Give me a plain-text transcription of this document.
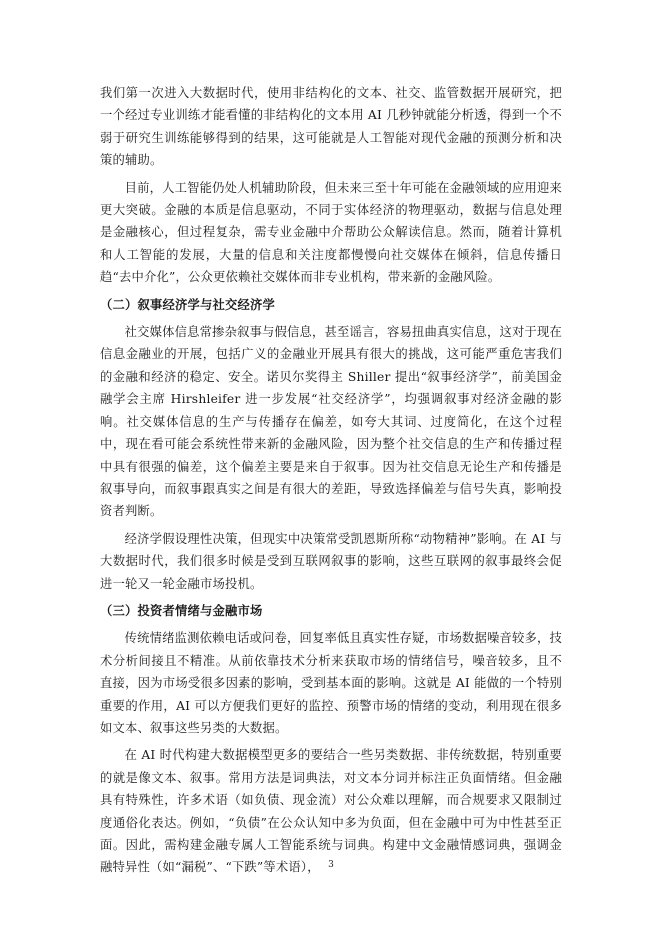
我们第一次进入大数据时代，使用非结构化的文本、社交、监管数据开展研究，把一个经过专业训练才能看懂的非结构化的文本用 AI 几秒钟就能分析透，得到一个不弱于研究生训练能够得到的结果，这可能就是人工智能对现代金融的预测分析和决策的辅助。

目前，人工智能仍处人机辅助阶段，但未来三至十年可能在金融领域的应用迎来更大突破。金融的本质是信息驱动，不同于实体经济的物理驱动，数据与信息处理是金融核心，但过程复杂，需专业金融中介帮助公众解读信息。然而，随着计算机和人工智能的发展，大量的信息和关注度都慢慢向社交媒体在倾斜，信息传播日趋“去中介化”，公众更依赖社交媒体而非专业机构，带来新的金融风险。

（二）叙事经济学与社交经济学

社交媒体信息常掺杂叙事与假信息，甚至谣言，容易扭曲真实信息，这对于现在信息金融业的开展，包括广义的金融业开展具有很大的挑战，这可能严重危害我们的金融和经济的稳定、安全。诺贝尔奖得主 Shiller 提出“叙事经济学”，前美国金融学会主席 Hirshleifer 进一步发展“社交经济学”，均强调叙事对经济金融的影响。社交媒体信息的生产与传播存在偏差，如夸大其词、过度简化，在这个过程中，现在看可能会系统性带来新的金融风险，因为整个社交信息的生产和传播过程中具有很强的偏差，这个偏差主要是来自于叙事。因为社交信息无论生产和传播是叙事导向，而叙事跟真实之间是有很大的差距，导致选择偏差与信号失真，影响投资者判断。

经济学假设理性决策，但现实中决策常受凯恩斯所称“动物精神”影响。在 AI 与大数据时代，我们很多时候是受到互联网叙事的影响，这些互联网的叙事最终会促进一轮又一轮金融市场投机。

（三）投资者情绪与金融市场

传统情绪监测依赖电话或问卷，回复率低且真实性存疑，市场数据噪音较多，技术分析间接且不精准。从前依靠技术分析来获取市场的情绪信号，噪音较多，且不直接，因为市场受很多因素的影响，受到基本面的影响。这就是 AI 能做的一个特别重要的作用，AI 可以方便我们更好的监控、预警市场的情绪的变动，利用现在很多如文本、叙事这些另类的大数据。

在 AI 时代构建大数据模型更多的要结合一些另类数据、非传统数据，特别重要的就是像文本、叙事。常用方法是词典法，对文本分词并标注正负面情绪。但金融具有特殊性，许多术语（如负债、现金流）对公众难以理解，而合规要求又限制过度通俗化表达。例如，“负债”在公众认知中多为负面，但在金融中可为中性甚至正面。因此，需构建金融专属人工智能系统与词典。构建中文金融情感词典，强调金融特异性（如“漏税”、“下跌”等术语）， 3
